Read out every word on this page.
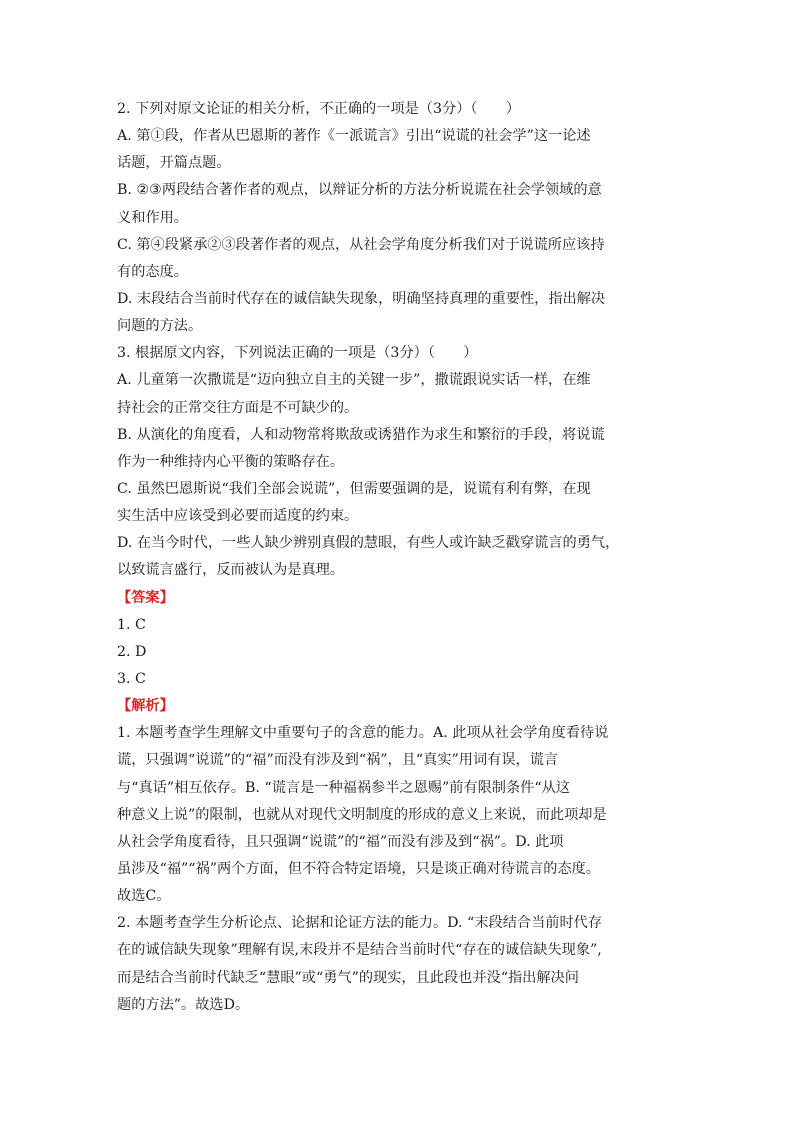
2. 下列对原文论证的相关分析，不正确的一项是（3分）（　　）
A. 第①段，作者从巴恩斯的著作《一派谎言》引出“说谎的社会学”这一论述
话题，开篇点题。
B. ②③两段结合著作者的观点，以辩证分析的方法分析说谎在社会学领域的意
义和作用。
C. 第④段紧承②③段著作者的观点，从社会学角度分析我们对于说谎所应该持
有的态度。
D. 末段结合当前时代存在的诚信缺失现象，明确坚持真理的重要性，指出解决
问题的方法。
3. 根据原文内容，下列说法正确的一项是（3分）（　　）
A. 儿童第一次撒谎是“迈向独立自主的关键一步”，撒谎跟说实话一样，在维
持社会的正常交往方面是不可缺少的。
B. 从演化的角度看，人和动物常将欺敌或诱猎作为求生和繁衍的手段，将说谎
作为一种维持内心平衡的策略存在。
C. 虽然巴恩斯说“我们全部会说谎”，但需要强调的是，说谎有利有弊，在现
实生活中应该受到必要而适度的约束。
D. 在当今时代，一些人缺少辨别真假的慧眼，有些人或许缺乏戳穿谎言的勇气，
以致谎言盛行，反而被认为是真理。
【答案】
1. C
2. D
3. C
【解析】
1. 本题考查学生理解文中重要句子的含意的能力。A. 此项从社会学角度看待说
谎，只强调“说谎”的“福”而没有涉及到“祸”，且“真实”用词有误，谎言
与“真话”相互依存。B. “谎言是一种福祸参半之恩赐”前有限制条件“从这
种意义上说”的限制，也就从对现代文明制度的形成的意义上来说，而此项却是
从社会学角度看待，且只强调“说谎”的“福”而没有涉及到“祸”。D. 此项
虽涉及“福”“祸”两个方面，但不符合特定语境，只是谈正确对待谎言的态度。
故选C。
2. 本题考查学生分析论点、论据和论证方法的能力。D. “末段结合当前时代存
在的诚信缺失现象”理解有误,末段并不是结合当前时代“存在的诚信缺失现象”,
而是结合当前时代缺乏“慧眼”或“勇气”的现实，且此段也并没“指出解决问
题的方法”。故选D。
